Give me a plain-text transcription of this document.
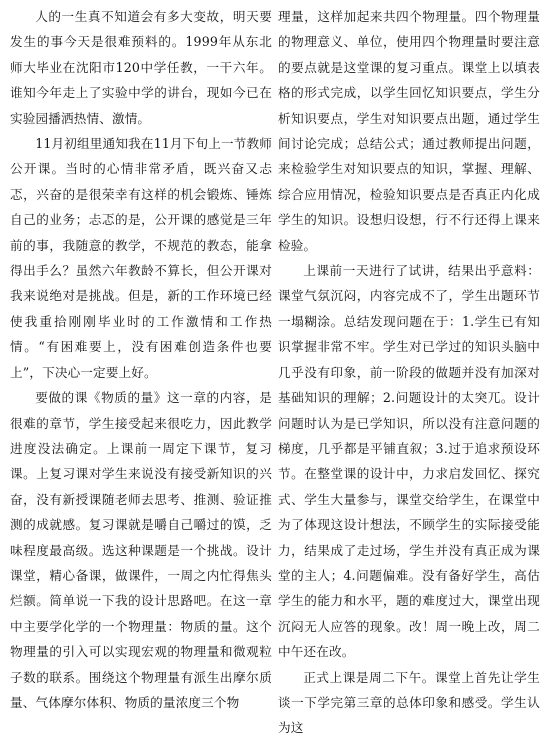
人的一生真不知道会有多大变故，明天要发生的事今天是很难预料的。1999年从东北师大毕业在沈阳市120中学任教，一干六年。谁知今年走上了实验中学的讲台，现如今已在实验园播洒热情、激情。

11月初组里通知我在11月下旬上一节教师公开课。当时的心情非常矛盾，既兴奋又忐忑，兴奋的是很荣幸有这样的机会锻炼、锤炼自己的业务；忐忑的是，公开课的感觉是三年前的事，我随意的教学，不规范的教态，能拿得出手么？虽然六年教龄不算长，但公开课对我来说绝对是挑战。但是，新的工作环境已经使我重拾刚刚毕业时的工作激情和工作热情。“有困难要上，没有困难创造条件也要上”，下决心一定要上好。

要做的课《物质的量》这一章的内容，是很难的章节，学生接受起来很吃力，因此教学进度没法确定。上课前一周定下课节，复习课。上复习课对学生来说没有接受新知识的兴奋，没有新授课随老师去思考、推测、验证推测的成就感。复习课就是嚼自己嚼过的馍，乏味程度最高级。选这种课题是一个挑战。设计课堂，精心备课，做课件，一周之内忙得焦头烂额。简单说一下我的设计思路吧。在这一章中主要学化学的一个物理量：物质的量。这个物理量的引入可以实现宏观的物理量和微观粒子数的联系。围绕这个物理量有派生出摩尔质量、气体摩尔体积、物质的量浓度三个物

理量，这样加起来共四个物理量。四个物理量的物理意义、单位，使用四个物理量时要注意的要点就是这堂课的复习重点。课堂上以填表格的形式完成，以学生回忆知识要点，学生分析知识要点，学生对知识要点出题，通过学生间讨论完成；总结公式；通过教师提出问题，来检验学生对知识要点的知识，掌握、理解、综合应用情况，检验知识要点是否真正内化成学生的知识。设想归设想，行不行还得上课来检验。

上课前一天进行了试讲，结果出乎意料：课堂气氛沉闷，内容完成不了，学生出题环节一塌糊涂。总结发现问题在于：1.学生已有知识掌握非常不牢。学生对已学过的知识头脑中几乎没有印象，前一阶段的做题并没有加深对基础知识的理解；2.问题设计的太突兀。设计问题时认为是已学知识，所以没有注意问题的梯度，几乎都是平铺直叙；3.过于追求预设环节。在整堂课的设计中，力求启发回忆、探究式、学生大量参与，课堂交给学生，在课堂中为了体现这设计想法，不顾学生的实际接受能力，结果成了走过场，学生并没有真正成为课堂的主人；4.问题偏难。没有备好学生，高估学生的能力和水平，题的难度过大，课堂出现沉闷无人应答的现象。改！周一晚上改，周二中午还在改。

正式上课是周二下午。课堂上首先让学生谈一下学完第三章的总体印象和感受。学生认为这
